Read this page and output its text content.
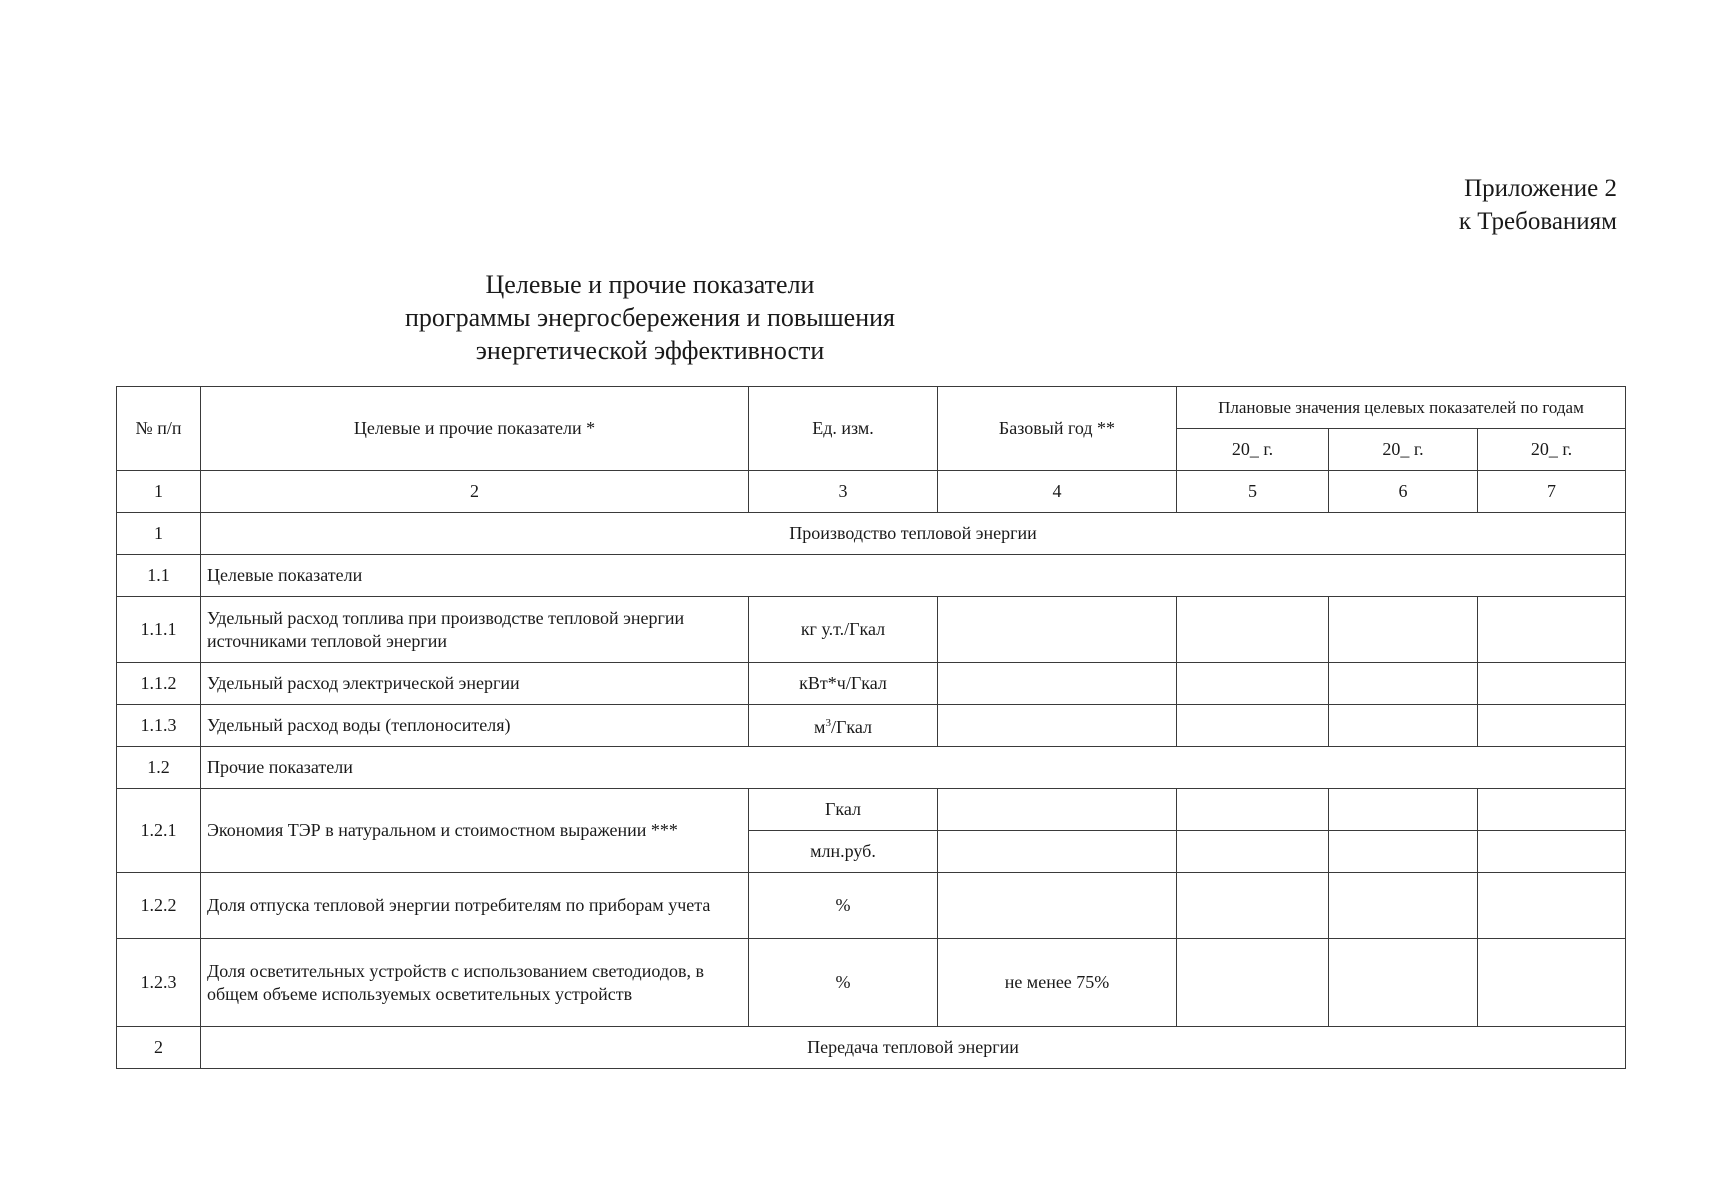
Приложение 2
к Требованиям
Целевые и прочие показатели
программы энергосбережения и повышения
энергетической эффективности
№ п/п	Целевые и прочие показатели *	Ед. изм.	Базовый год **	Плановые значения целевых показателей по годам		
				20_ г.	20_ г.	20_ г.
1	2	3	4	5	6	7
1	Производство тепловой энергии					
1.1	Целевые показатели					
1.1.1	Удельный расход топлива при производстве тепловой энергии источниками тепловой энергии	кг у.т./Гкал				
1.1.2	Удельный расход электрической энергии	кВт*ч/Гкал				
1.1.3	Удельный расход воды (теплоносителя)	$м^3$/Гкал				
1.2	Прочие показатели					
1.2.1	Экономия ТЭР в натуральном и стоимостном выражении ***	Гкал				
		млн.руб.				
1.2.2	Доля отпуска тепловой энергии потребителям по приборам учета	%				
1.2.3	Доля осветительных устройств с использованием светодиодов, в общем объеме используемых осветительных устройств	%	не менее 75%			
2	Передача тепловой энергии					
